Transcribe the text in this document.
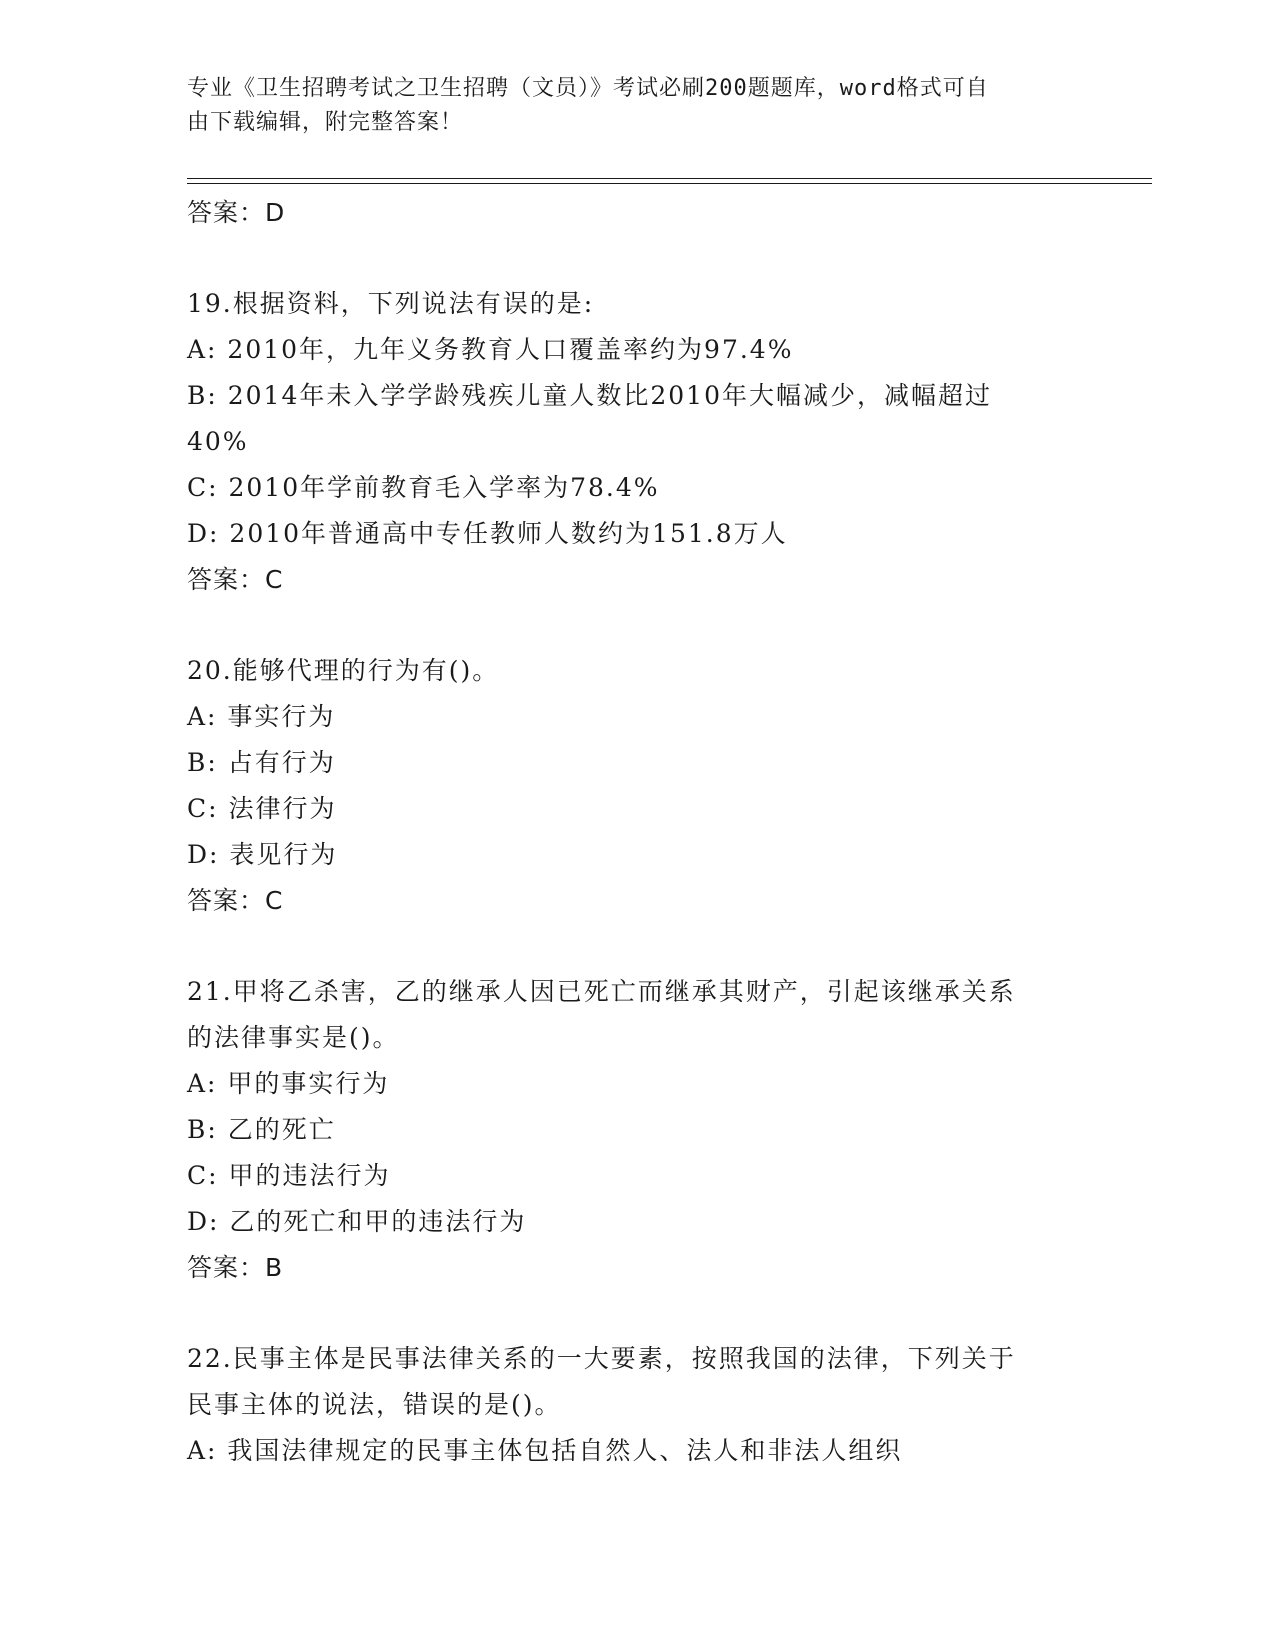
专业《卫生招聘考试之卫生招聘（文员）》考试必刷200题题库，word格式可自
由下载编辑，附完整答案！
答案：D
19.根据资料，下列说法有误的是:
A: 2010年，九年义务教育人口覆盖率约为97.4%
B: 2014年未入学学龄残疾儿童人数比2010年大幅减少，减幅超过
40%
C: 2010年学前教育毛入学率为78.4%
D: 2010年普通高中专任教师人数约为151.8万人
答案：C
20.能够代理的行为有()。
A: 事实行为
B: 占有行为
C: 法律行为
D: 表见行为
答案：C
21.甲将乙杀害，乙的继承人因已死亡而继承其财产，引起该继承关系
的法律事实是()。
A: 甲的事实行为
B: 乙的死亡
C: 甲的违法行为
D: 乙的死亡和甲的违法行为
答案：B
22.民事主体是民事法律关系的一大要素，按照我国的法律，下列关于
民事主体的说法，错误的是()。
A: 我国法律规定的民事主体包括自然人、法人和非法人组织
